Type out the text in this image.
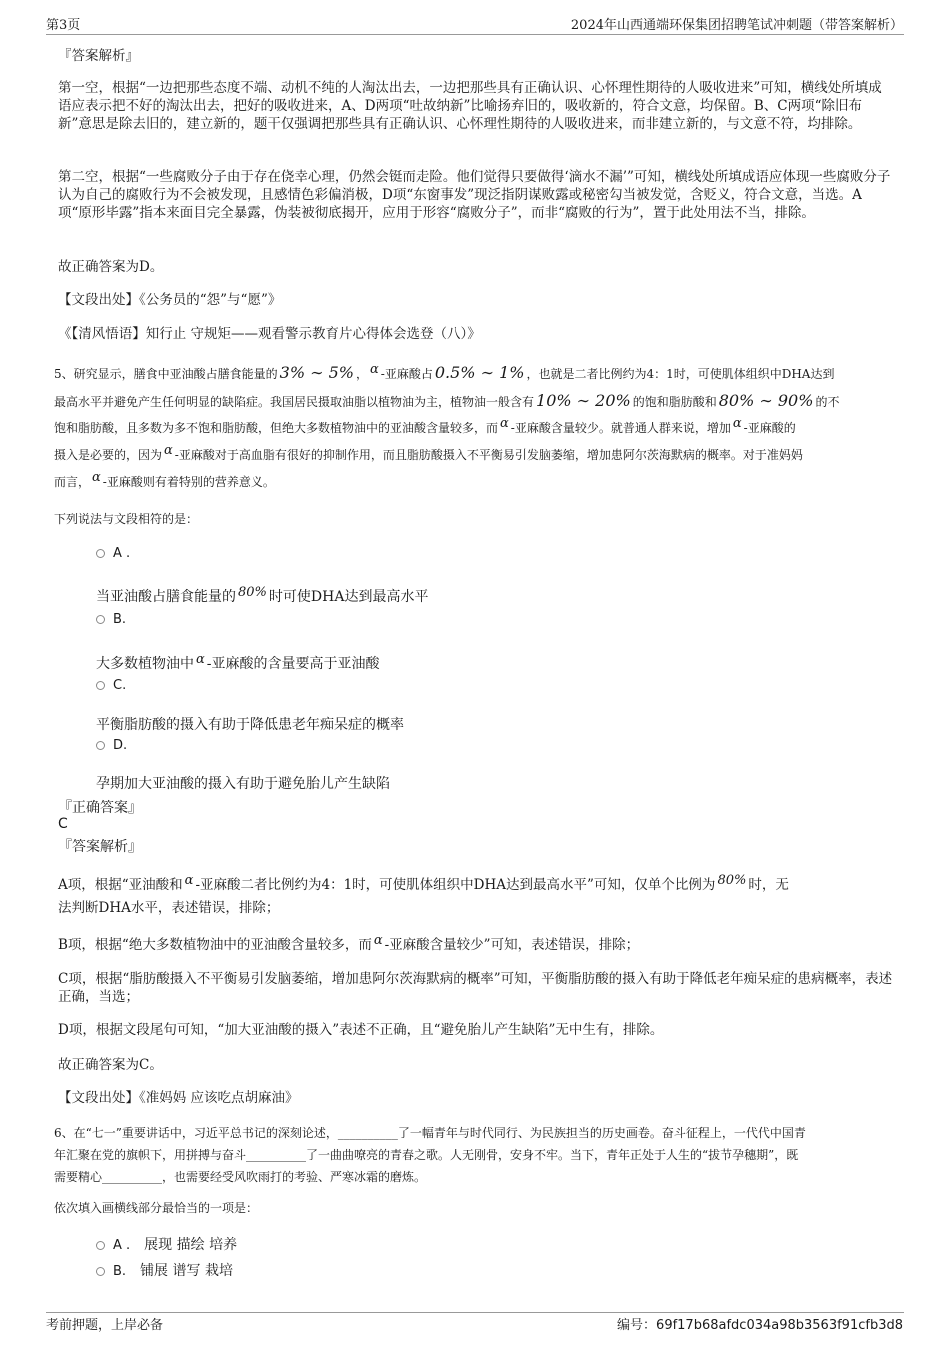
第3页	2024年山西通端环保集团招聘笔试冲刺题（带答案解析）
『答案解析』

第一空，根据“一边把那些态度不端、动机不纯的人淘汰出去，一边把那些具有正确认识、心怀理性期待的人吸收进来”可知，横线处所填成语应表示把不好的淘汰出去，把好的吸收进来，A、D两项“吐故纳新”比喻扬弃旧的，吸收新的，符合文意，均保留。B、C两项“除旧布新”意思是除去旧的，建立新的，题干仅强调把那些具有正确认识、心怀理性期待的人吸收进来，而非建立新的，与文意不符，均排除。

第二空，根据“一些腐败分子由于存在侥幸心理，仍然会铤而走险。他们觉得只要做得‘滴水不漏’”可知，横线处所填成语应体现一些腐败分子认为自己的腐败行为不会被发现，且感情色彩偏消极，D项“东窗事发”现泛指阴谋败露或秘密勾当被发觉，含贬义，符合文意，当选。A项“原形毕露”指本来面目完全暴露，伪装被彻底揭开，应用于形容“腐败分子”，而非“腐败的行为”，置于此处用法不当，排除。

故正确答案为D。
【文段出处】《公务员的“怨”与“愿”》
《【清风悟语】知行止 守规矩——观看警示教育片心得体会选登（八）》
5、研究显示，膳食中亚油酸占膳食能量的 3% ∼ 5% ， α -亚麻酸占 0.5% ∼ 1% ，也就是二者比例约为4：1时，可使肌体组织中DHA达到
最高水平并避免产生任何明显的缺陷症。我国居民摄取油脂以植物油为主，植物油一般含有 10% ∼ 20% 的饱和脂肪酸和 80% ∼ 90% 的不
饱和脂肪酸，且多数为多不饱和脂肪酸，但绝大多数植物油中的亚油酸含量较多，而 α -亚麻酸含量较少。就普通人群来说，增加 α -亚麻酸的
摄入是必要的，因为 α -亚麻酸对于高血脂有很好的抑制作用，而且脂肪酸摄入不平衡易引发脑萎缩，增加患阿尔茨海默病的概率。对于准妈妈
而言， α -亚麻酸则有着特别的营养意义。
下列说法与文段相符的是：
A .
当亚油酸占膳食能量的 80% 时可使DHA达到最高水平
B.
大多数植物油中 α -亚麻酸的含量要高于亚油酸
C.
平衡脂肪酸的摄入有助于降低患老年痴呆症的概率
D.
孕期加大亚油酸的摄入有助于避免胎儿产生缺陷
『正确答案』
C
『答案解析』

A项，根据“亚油酸和 α -亚麻酸二者比例约为4：1时，可使肌体组织中DHA达到最高水平”可知，仅单个比例为 80% 时，无
法判断DHA水平，表述错误，排除；

B项，根据“绝大多数植物油中的亚油酸含量较多，而 α -亚麻酸含量较少”可知，表述错误，排除；

C项，根据“脂肪酸摄入不平衡易引发脑萎缩，增加患阿尔茨海默病的概率”可知，平衡脂肪酸的摄入有助于降低老年痴呆症的患病概率，表述正确，当选；

D项，根据文段尾句可知，“加大亚油酸的摄入”表述不正确，且“避免胎儿产生缺陷”无中生有，排除。

故正确答案为C。
【文段出处】《准妈妈 应该吃点胡麻油》
6、在“七一”重要讲话中，习近平总书记的深刻论述，__________了一幅青年与时代同行、为民族担当的历史画卷。奋斗征程上，一代代中国青
年汇聚在党的旗帜下，用拼搏与奋斗__________了一曲曲嘹亮的青春之歌。人无刚骨，安身不牢。当下，青年正处于人生的“拔节孕穗期”，既
需要精心__________，也需要经受风吹雨打的考验、严寒冰霜的磨炼。
依次填入画横线部分最恰当的一项是：
A . 展现 描绘 培养
B. 铺展 谱写 栽培
考前押题，上岸必备	编号：69f17b68afdc034a98b3563f91cfb3d8
